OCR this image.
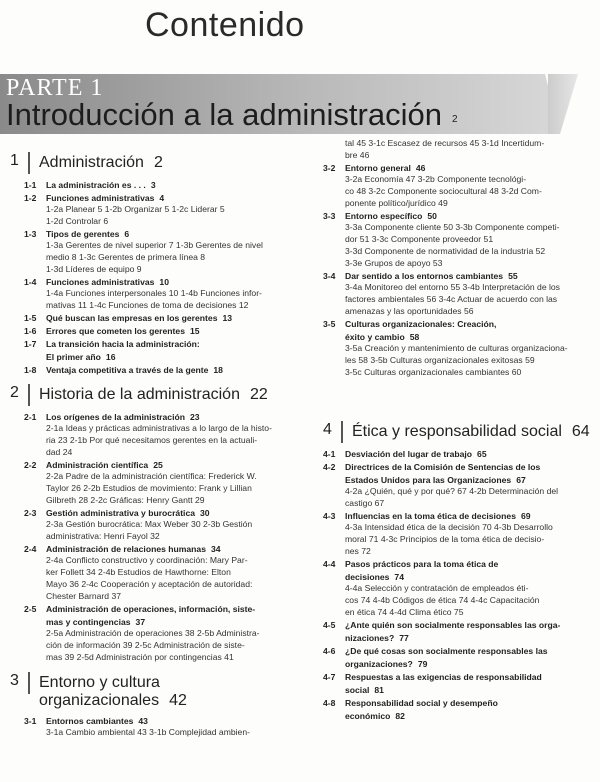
Contenido
PARTE 1
Introducción a la administración 2
1 Administración 2
1-1	La administración es . . . 3
1-2	Funciones administrativas 4
1-2a Planear 5 1-2b Organizar 5 1-2c Liderar 5
1-2d Controlar 6
1-3	Tipos de gerentes 6
1-3a Gerentes de nivel superior 7 1-3b Gerentes de nivel
medio 8 1-3c Gerentes de primera línea 8
1-3d Líderes de equipo 9
1-4	Funciones administrativas 10
1-4a Funciones interpersonales 10 1-4b Funciones infor-
mativas 11 1-4c Funciones de toma de decisiones 12
1-5	Qué buscan las empresas en los gerentes 13
1-6	Errores que cometen los gerentes 15
1-7	La transición hacia la administración:
El primer año 16
1-8	Ventaja competitiva a través de la gente 18
2 Historia de la administración 22
2-1	Los orígenes de la administración 23
2-1a Ideas y prácticas administrativas a lo largo de la histo-
ria 23 2-1b Por qué necesitamos gerentes en la actuali-
dad 24
2-2	Administración científica 25
2-2a Padre de la administración científica: Frederick W.
Taylor 26 2-2b Estudios de movimiento: Frank y Lillian
Gilbreth 28 2-2c Gráficas: Henry Gantt 29
2-3	Gestión administrativa y burocrática 30
2-3a Gestión burocrática: Max Weber 30 2-3b Gestión
administrativa: Henri Fayol 32
2-4	Administración de relaciones humanas 34
2-4a Conflicto constructivo y coordinación: Mary Par-
ker Follett 34 2-4b Estudios de Hawthorne: Elton
Mayo 36 2-4c Cooperación y aceptación de autoridad:
Chester Barnard 37
2-5	Administración de operaciones, información, siste-
mas y contingencias 37
2-5a Administración de operaciones 38 2-5b Administra-
ción de información 39 2-5c Administración de siste-
mas 39 2-5d Administración por contingencias 41
3 Entorno y cultura
organizacionales 42
3-1	Entornos cambiantes 43
3-1a Cambio ambiental 43 3-1b Complejidad ambien-
tal 45 3-1c Escasez de recursos 45 3-1d Incertidum-
bre 46
3-2	Entorno general 46
3-2a Economía 47 3-2b Componente tecnológi-
co 48 3-2c Componente sociocultural 48 3-2d Com-
ponente político/jurídico 49
3-3	Entorno específico 50
3-3a Componente cliente 50 3-3b Componente competi-
dor 51 3-3c Componente proveedor 51
3-3d Componente de normatividad de la industria 52
3-3e Grupos de apoyo 53
3-4	Dar sentido a los entornos cambiantes 55
3-4a Monitoreo del entorno 55 3-4b Interpretación de los
factores ambientales 56 3-4c Actuar de acuerdo con las
amenazas y las oportunidades 56
3-5	Culturas organizacionales: Creación,
éxito y cambio 58
3-5a Creación y mantenimiento de culturas organizaciona-
les 58 3-5b Culturas organizacionales exitosas 59
3-5c Culturas organizacionales cambiantes 60
4 Ética y responsabilidad social 64
4-1	Desviación del lugar de trabajo 65
4-2	Directrices de la Comisión de Sentencias de los
Estados Unidos para las Organizaciones 67
4-2a ¿Quién, qué y por qué? 67 4-2b Determinación del
castigo 67
4-3	Influencias en la toma ética de decisiones 69
4-3a Intensidad ética de la decisión 70 4-3b Desarrollo
moral 71 4-3c Principios de la toma ética de decisio-
nes 72
4-4	Pasos prácticos para la toma ética de
decisiones 74
4-4a Selección y contratación de empleados éti-
cos 74 4-4b Códigos de ética 74 4-4c Capacitación
en ética 74 4-4d Clima ético 75
4-5	¿Ante quién son socialmente responsables las orga-
nizaciones? 77
4-6	¿De qué cosas son socialmente responsables las
organizaciones? 79
4-7	Respuestas a las exigencias de responsabilidad
social 81
4-8	Responsabilidad social y desempeño
económico 82
